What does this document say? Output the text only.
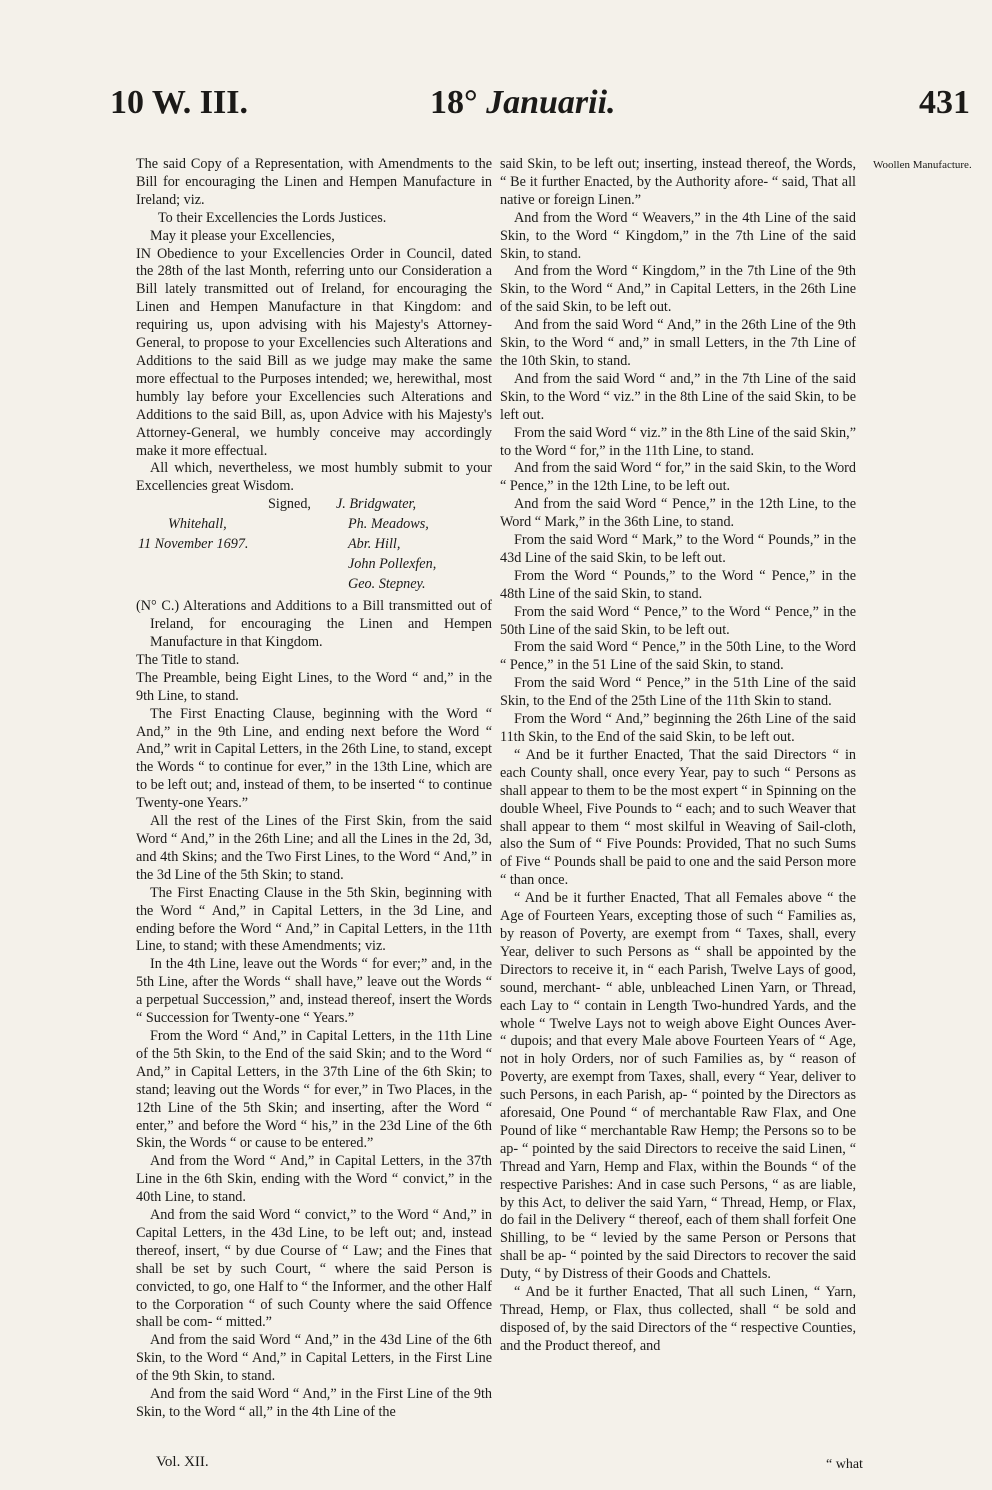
10 W. III.	18° Januarii.	431

The said Copy of a Representation, with Amendments to the Bill for encouraging the Linen and Hempen Manufacture in Ireland; viz.

To their Excellencies the Lords Justices.

May it please your Excellencies,

IN Obedience to your Excellencies Order in Council, dated the 28th of the last Month, referring unto our Consideration a Bill lately transmitted out of Ireland, for encouraging the Linen and Hempen Manufacture in that Kingdom: and requiring us, upon advising with his Majesty's Attorney-General, to propose to your Excellencies such Alterations and Additions to the said Bill as we judge may make the same more effectual to the Purposes intended; we, herewithal, most humbly lay before your Excellencies such Alterations and Additions to the said Bill, as, upon Advice with his Majesty's Attorney-General, we humbly conceive may accordingly make it more effectual.

All which, nevertheless, we most humbly submit to your Excellencies great Wisdom.

Signed,
Whitehall,
11 November 1697.
J. Bridgwater,
Ph. Meadows,
Abr. Hill,
John Pollexfen,
Geo. Stepney.

(N° C.) Alterations and Additions to a Bill transmitted out of Ireland, for encouraging the Linen and Hempen Manufacture in that Kingdom.

The Title to stand.

The Preamble, being Eight Lines, to the Word “ and,” in the 9th Line, to stand.

The First Enacting Clause, beginning with the Word “ And,” in the 9th Line, and ending next before the Word “ And,” writ in Capital Letters, in the 26th Line, to stand, except the Words “ to continue for ever,” in the 13th Line, which are to be left out; and, instead of them, to be inserted “ to continue Twenty-one Years.”

All the rest of the Lines of the First Skin, from the said Word “ And,” in the 26th Line; and all the Lines in the 2d, 3d, and 4th Skins; and the Two First Lines, to the Word “ And,” in the 3d Line of the 5th Skin; to stand.

The First Enacting Clause in the 5th Skin, beginning with the Word “ And,” in Capital Letters, in the 3d Line, and ending before the Word “ And,” in Capital Letters, in the 11th Line, to stand; with these Amendments; viz.

In the 4th Line, leave out the Words “ for ever;” and, in the 5th Line, after the Words “ shall have,” leave out the Words “ a perpetual Succession,” and, instead thereof, insert the Words “ Succession for Twenty-one “ Years.”

From the Word “ And,” in Capital Letters, in the 11th Line of the 5th Skin, to the End of the said Skin; and to the Word “ And,” in Capital Letters, in the 37th Line of the 6th Skin; to stand; leaving out the Words “ for ever,” in Two Places, in the 12th Line of the 5th Skin; and inserting, after the Word “ enter,” and before the Word “ his,” in the 23d Line of the 6th Skin, the Words “ or cause to be entered.”

And from the Word “ And,” in Capital Letters, in the 37th Line in the 6th Skin, ending with the Word “ convict,” in the 40th Line, to stand.

And from the said Word “ convict,” to the Word “ And,” in Capital Letters, in the 43d Line, to be left out; and, instead thereof, insert, “ by due Course of “ Law; and the Fines that shall be set by such Court, “ where the said Person is convicted, to go, one Half to “ the Informer, and the other Half to the Corporation “ of such County where the said Offence shall be com- “ mitted.”

And from the said Word “ And,” in the 43d Line of the 6th Skin, to the Word “ And,” in Capital Letters, in the First Line of the 9th Skin, to stand.

And from the said Word “ And,” in the First Line of the 9th Skin, to the Word “ all,” in the 4th Line of the

said Skin, to be left out; inserting, instead thereof, the Words, “ Be it further Enacted, by the Authority afore- “ said, That all native or foreign Linen.”

And from the Word “ Weavers,” in the 4th Line of the said Skin, to the Word “ Kingdom,” in the 7th Line of the said Skin, to stand.

And from the Word “ Kingdom,” in the 7th Line of the 9th Skin, to the Word “ And,” in Capital Letters, in the 26th Line of the said Skin, to be left out.

And from the said Word “ And,” in the 26th Line of the 9th Skin, to the Word “ and,” in small Letters, in the 7th Line of the 10th Skin, to stand.

And from the said Word “ and,” in the 7th Line of the said Skin, to the Word “ viz.” in the 8th Line of the said Skin, to be left out.

From the said Word “ viz.” in the 8th Line of the said Skin,” to the Word “ for,” in the 11th Line, to stand.

And from the said Word “ for,” in the said Skin, to the Word “ Pence,” in the 12th Line, to be left out.

And from the said Word “ Pence,” in the 12th Line, to the Word “ Mark,” in the 36th Line, to stand.

From the said Word “ Mark,” to the Word “ Pounds,” in the 43d Line of the said Skin, to be left out.

From the Word “ Pounds,” to the Word “ Pence,” in the 48th Line of the said Skin, to stand.

From the said Word “ Pence,” to the Word “ Pence,” in the 50th Line of the said Skin, to be left out.

From the said Word “ Pence,” in the 50th Line, to the Word “ Pence,” in the 51 Line of the said Skin, to stand.

From the said Word “ Pence,” in the 51th Line of the said Skin, to the End of the 25th Line of the 11th Skin to stand.

From the Word “ And,” beginning the 26th Line of the said 11th Skin, to the End of the said Skin, to be left out.

“ And be it further Enacted, That the said Directors “ in each County shall, once every Year, pay to such “ Persons as shall appear to them to be the most expert “ in Spinning on the double Wheel, Five Pounds to “ each; and to such Weaver that shall appear to them “ most skilful in Weaving of Sail-cloth, also the Sum of “ Five Pounds: Provided, That no such Sums of Five “ Pounds shall be paid to one and the said Person more “ than once.

“ And be it further Enacted, That all Females above “ the Age of Fourteen Years, excepting those of such “ Families as, by reason of Poverty, are exempt from “ Taxes, shall, every Year, deliver to such Persons as “ shall be appointed by the Directors to receive it, in “ each Parish, Twelve Lays of good, sound, merchant- “ able, unbleached Linen Yarn, or Thread, each Lay to “ contain in Length Two-hundred Yards, and the whole “ Twelve Lays not to weigh above Eight Ounces Aver- “ dupois; and that every Male above Fourteen Years of “ Age, not in holy Orders, nor of such Families as, by “ reason of Poverty, are exempt from Taxes, shall, every “ Year, deliver to such Persons, in each Parish, ap- “ pointed by the Directors as aforesaid, One Pound “ of merchantable Raw Flax, and One Pound of like “ merchantable Raw Hemp; the Persons so to be ap- “ pointed by the said Directors to receive the said Linen, “ Thread and Yarn, Hemp and Flax, within the Bounds “ of the respective Parishes: And in case such Persons, “ as are liable, by this Act, to deliver the said Yarn, “ Thread, Hemp, or Flax, do fail in the Delivery “ thereof, each of them shall forfeit One Shilling, to be “ levied by the same Person or Persons that shall be ap- “ pointed by the said Directors to recover the said Duty, “ by Distress of their Goods and Chattels.

“ And be it further Enacted, That all such Linen, “ Yarn, Thread, Hemp, or Flax, thus collected, shall “ be sold and disposed of, by the said Directors of the “ respective Counties, and the Product thereof, and

Woollen Manufacture.
Vol. XII.	“ what
